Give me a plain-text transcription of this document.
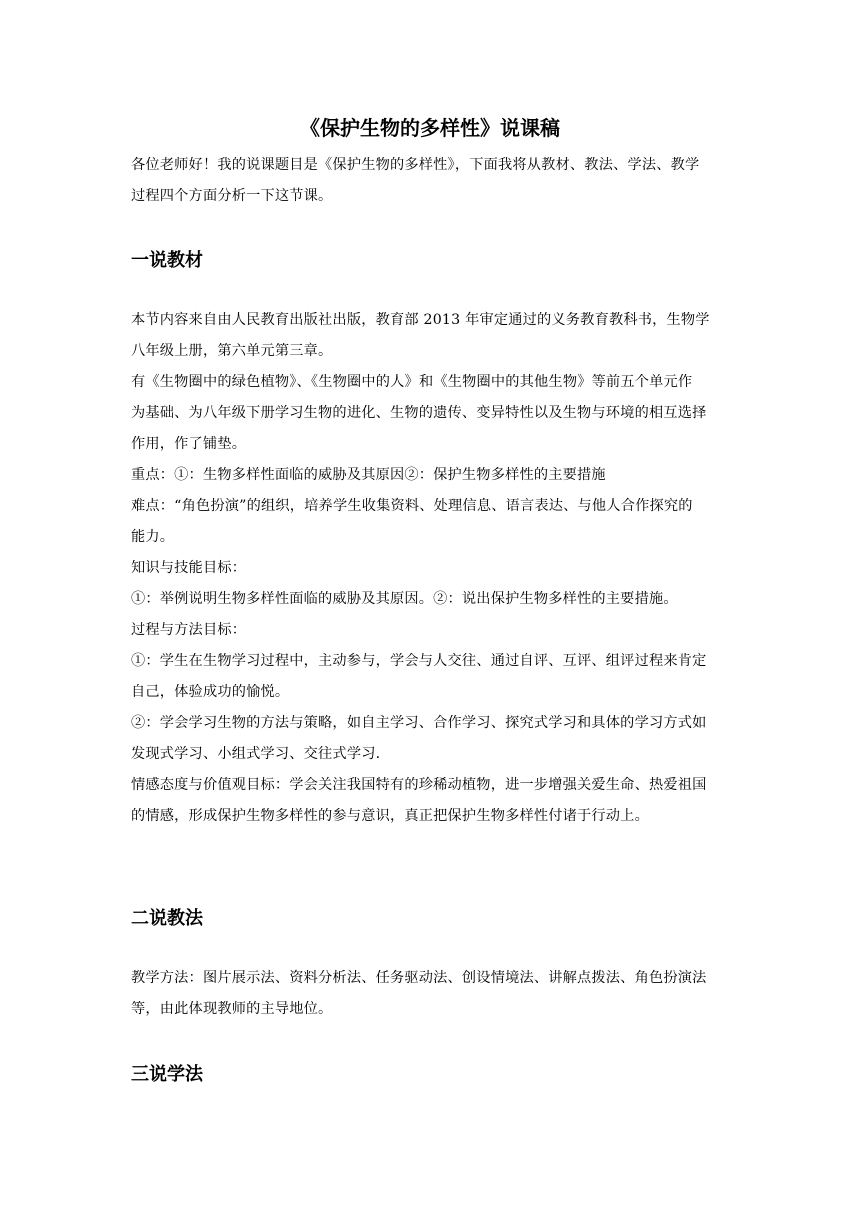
《保护生物的多样性》说课稿

各位老师好！我的说课题目是《保护生物的多样性》，下面我将从教材、教法、学法、教学
过程四个方面分析一下这节课。

一说教材

本节内容来自由人民教育出版社出版，教育部 2013 年审定通过的义务教育教科书，生物学
八年级上册，第六单元第三章。

有《生物圈中的绿色植物》、《生物圈中的人》和《生物圈中的其他生物》等前五个单元作
为基础、为八年级下册学习生物的进化、生物的遗传、变异特性以及生物与环境的相互选择
作用，作了铺垫。

重点：①：生物多样性面临的威胁及其原因②：保护生物多样性的主要措施

难点：“角色扮演”的组织，培养学生收集资料、处理信息、语言表达、与他人合作探究的
能力。

知识与技能目标：

①：举例说明生物多样性面临的威胁及其原因。②：说出保护生物多样性的主要措施。

过程与方法目标：

①：学生在生物学习过程中，主动参与，学会与人交往、通过自评、互评、组评过程来肯定
自己，体验成功的愉悦。

②：学会学习生物的方法与策略，如自主学习、合作学习、探究式学习和具体的学习方式如
发现式学习、小组式学习、交往式学习.

情感态度与价值观目标：学会关注我国特有的珍稀动植物，进一步增强关爱生命、热爱祖国
的情感，形成保护生物多样性的参与意识，真正把保护生物多样性付诸于行动上。

二说教法

教学方法：图片展示法、资料分析法、任务驱动法、创设情境法、讲解点拨法、角色扮演法
等，由此体现教师的主导地位。

三说学法
